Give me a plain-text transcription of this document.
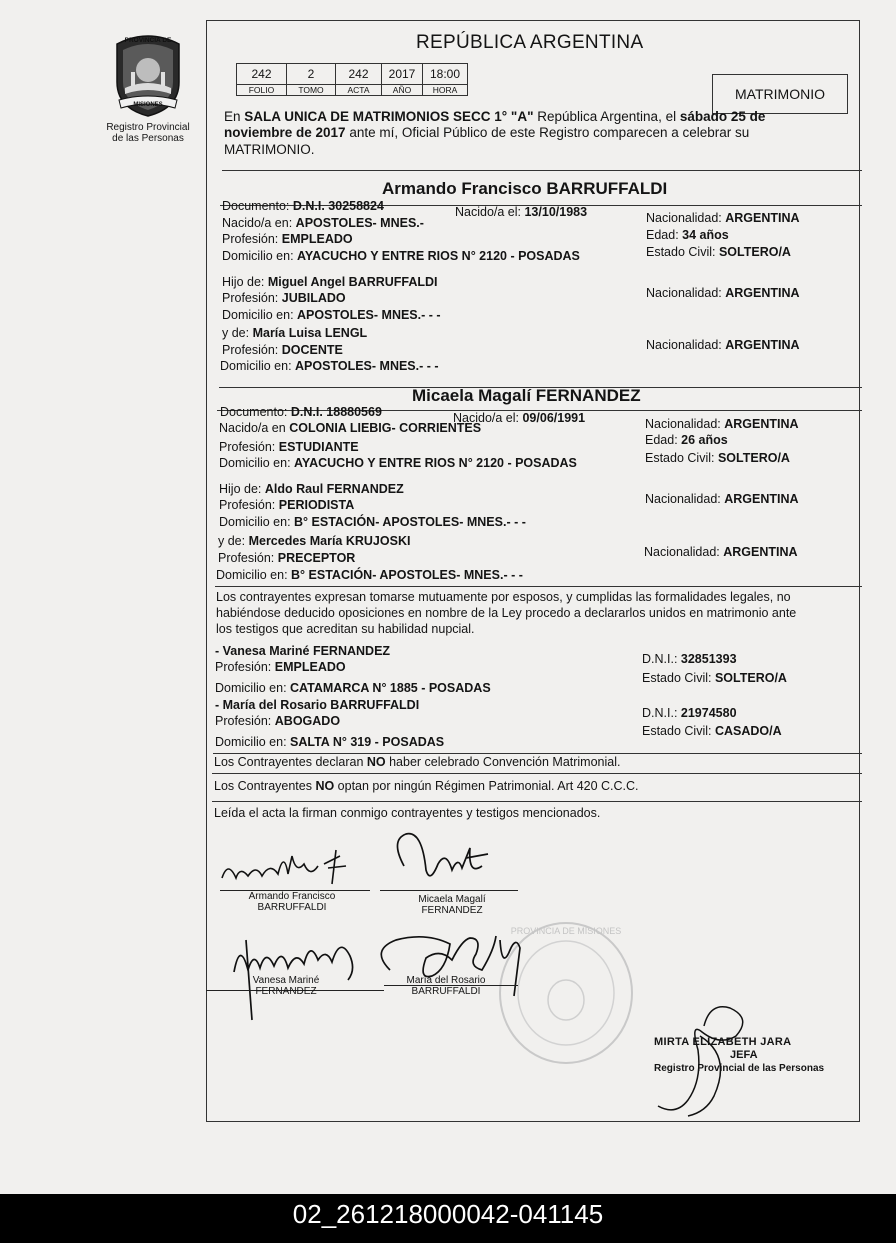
PROVINCIA DE
MISIONES
Registro Provincial
de las Personas
REPÚBLICA ARGENTINA
242	2	242	2017	18:00
FOLIO	TOMO	ACTA	AÑO	HORA	MATRIMONIO
En SALA UNICA DE MATRIMONIOS SECC 1° "A" República Argentina, el sábado 25 de
noviembre de 2017 ante mí, Oficial Público de este Registro comparecen a celebrar su
MATRIMONIO.
Armando Francisco BARRUFFALDI
Documento: D.N.I. 30258824	Nacido/a el: 13/10/1983	Nacionalidad: ARGENTINA
Nacido/a en: APOSTOLES- MNES.-
Edad: 34 años
Profesión: EMPLEADO
Estado Civil: SOLTERO/A
Domicilio en: AYACUCHO Y ENTRE RIOS N° 2120 - POSADAS
Hijo de: Miguel Angel BARRUFFALDI
Nacionalidad: ARGENTINA
Profesión: JUBILADO
Domicilio en: APOSTOLES- MNES.- - -
y de: María Luisa LENGL
Nacionalidad: ARGENTINA
Profesión: DOCENTE
Domicilio en: APOSTOLES- MNES.- - -
Micaela Magalí FERNANDEZ
Documento: D.N.I. 18880569	Nacido/a el: 09/06/1991	Nacionalidad: ARGENTINA
Nacido/a en COLONIA LIEBIG- CORRIENTES
Edad: 26 años
Profesión: ESTUDIANTE
Estado Civil: SOLTERO/A
Domicilio en: AYACUCHO Y ENTRE RIOS N° 2120 - POSADAS
Hijo de: Aldo Raul FERNANDEZ
Nacionalidad: ARGENTINA
Profesión: PERIODISTA
Domicilio en: B° ESTACIÓN- APOSTOLES- MNES.- - -
y de: Mercedes María KRUJOSKI
Nacionalidad: ARGENTINA
Profesión: PRECEPTOR
Domicilio en: B° ESTACIÓN- APOSTOLES- MNES.- - -
Los contrayentes expresan tomarse mutuamente por esposos, y cumplidas las formalidades legales, no
habiéndose deducido oposiciones en nombre de la Ley procedo a declararlos unidos en matrimonio ante
los testigos que acreditan su habilidad nupcial.
- Vanesa Mariné FERNANDEZ
D.N.I.: 32851393
Profesión: EMPLEADO
Estado Civil: SOLTERO/A
Domicilio en: CATAMARCA N° 1885 - POSADAS
- María del Rosario BARRUFFALDI
D.N.I.: 21974580
Profesión: ABOGADO
Estado Civil: CASADO/A
Domicilio en: SALTA N° 319 - POSADAS
Los Contrayentes declaran NO haber celebrado Convención Matrimonial.
Los Contrayentes NO optan por ningún Régimen Patrimonial. Art 420 C.C.C.
Leída el acta la firman conmigo contrayentes y testigos mencionados.
PROVINCIA DE MISIONES
Armando Francisco
BARRUFFALDI
Micaela Magalí
FERNANDEZ
Vanesa Mariné
FERNANDEZ
María del Rosario
BARRUFFALDI
MIRTA ELIZABETH JARA
JEFA
Registro Provincial de las Personas
02_261218000042-041145
